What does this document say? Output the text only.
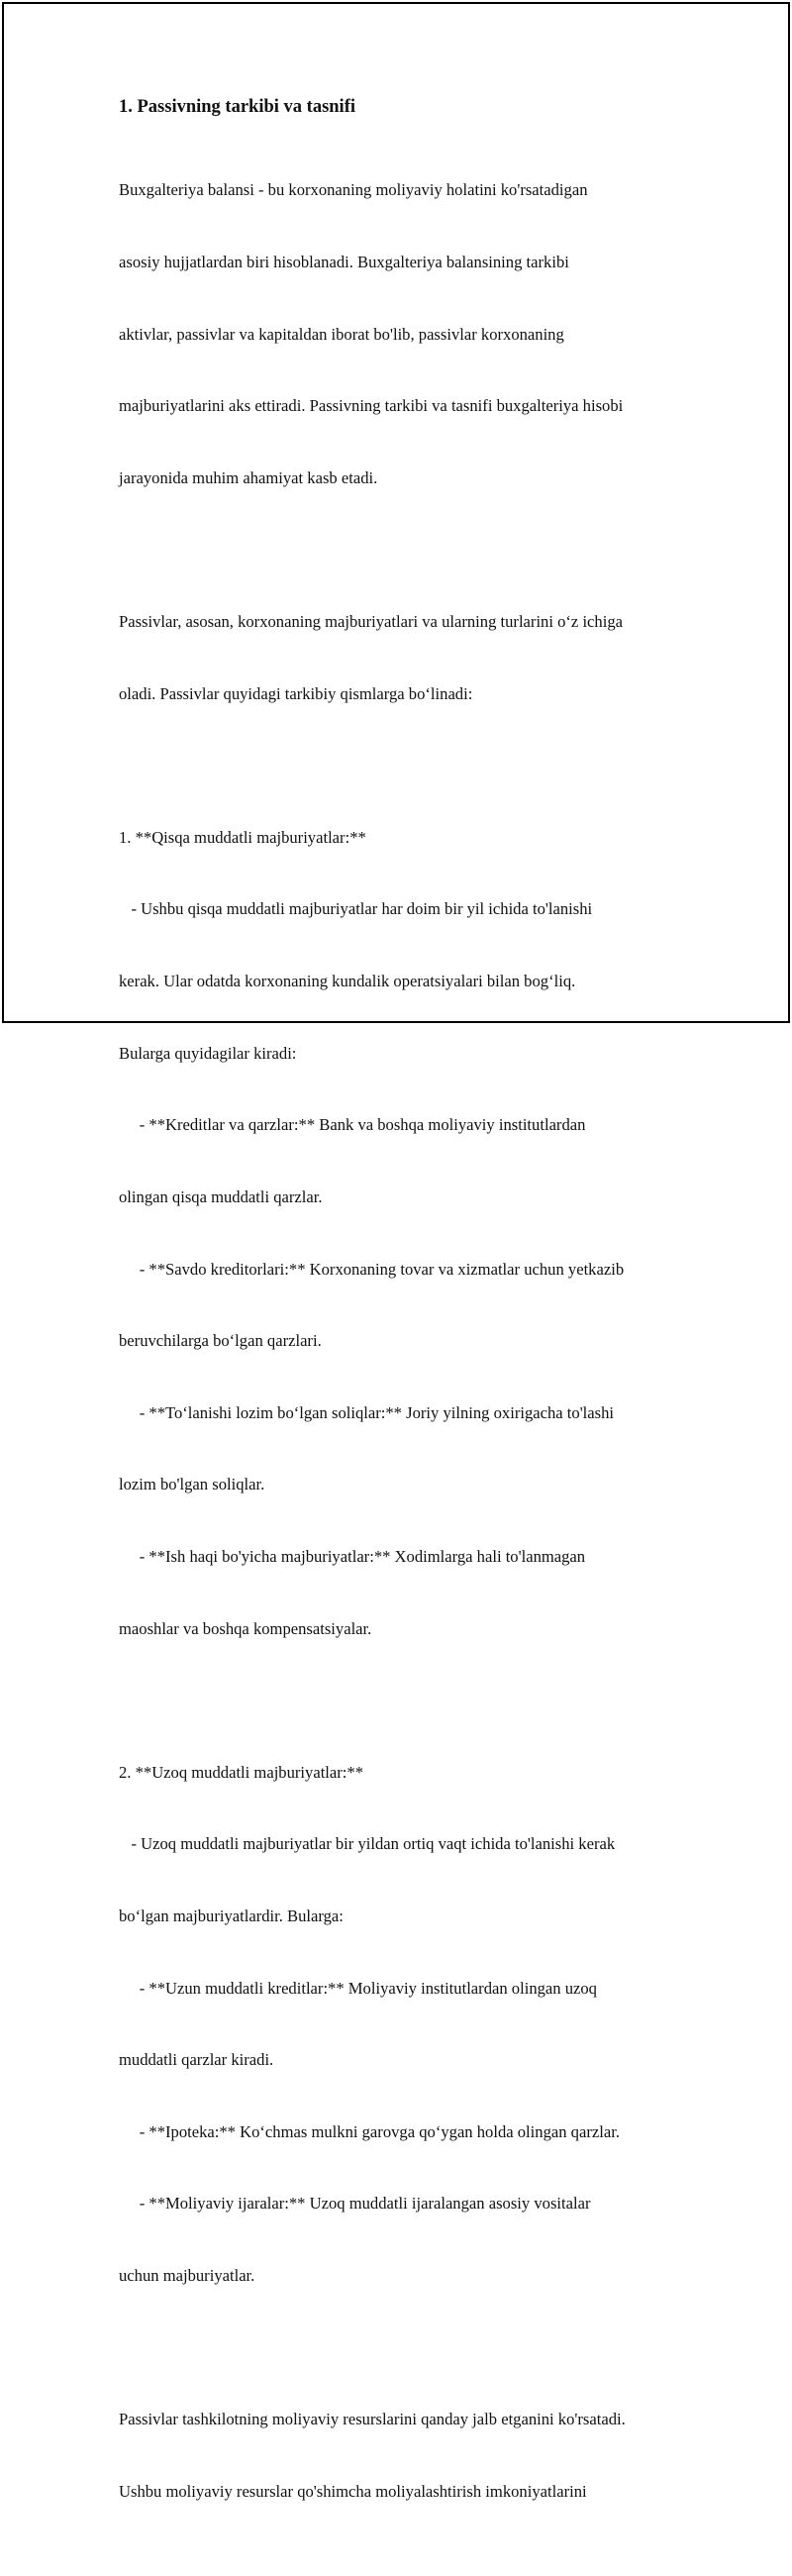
1. Passivning tarkibi va tasnifi

Buxgalteriya balansi - bu korxonaning moliyaviy holatini ko'rsatadigan

asosiy hujjatlardan biri hisoblanadi. Buxgalteriya balansining tarkibi

aktivlar, passivlar va kapitaldan iborat bo'lib, passivlar korxonaning

majburiyatlarini aks ettiradi. Passivning tarkibi va tasnifi buxgalteriya hisobi

jarayonida muhim ahamiyat kasb etadi.

Passivlar, asosan, korxonaning majburiyatlari va ularning turlarini o‘z ichiga

oladi. Passivlar quyidagi tarkibiy qismlarga bo‘linadi:

1. **Qisqa muddatli majburiyatlar:**

- Ushbu qisqa muddatli majburiyatlar har doim bir yil ichida to'lanishi

kerak. Ular odatda korxonaning kundalik operatsiyalari bilan bog‘liq.

Bularga quyidagilar kiradi:

- **Kreditlar va qarzlar:** Bank va boshqa moliyaviy institutlardan

olingan qisqa muddatli qarzlar.

- **Savdo kreditorlari:** Korxonaning tovar va xizmatlar uchun yetkazib

beruvchilarga bo‘lgan qarzlari.

- **To‘lanishi lozim bo‘lgan soliqlar:** Joriy yilning oxirigacha to'lashi

lozim bo'lgan soliqlar.

- **Ish haqi bo'yicha majburiyatlar:** Xodimlarga hali to'lanmagan

maoshlar va boshqa kompensatsiyalar.

2. **Uzoq muddatli majburiyatlar:**

- Uzoq muddatli majburiyatlar bir yildan ortiq vaqt ichida to'lanishi kerak

bo‘lgan majburiyatlardir. Bularga:

- **Uzun muddatli kreditlar:** Moliyaviy institutlardan olingan uzoq

muddatli qarzlar kiradi.

- **Ipoteka:** Ko‘chmas mulkni garovga qo‘ygan holda olingan qarzlar.

- **Moliyaviy ijaralar:** Uzoq muddatli ijaralangan asosiy vositalar

uchun majburiyatlar.

Passivlar tashkilotning moliyaviy resurslarini qanday jalb etganini ko'rsatadi.

Ushbu moliyaviy resurslar qo'shimcha moliyalashtirish imkoniyatlarini
